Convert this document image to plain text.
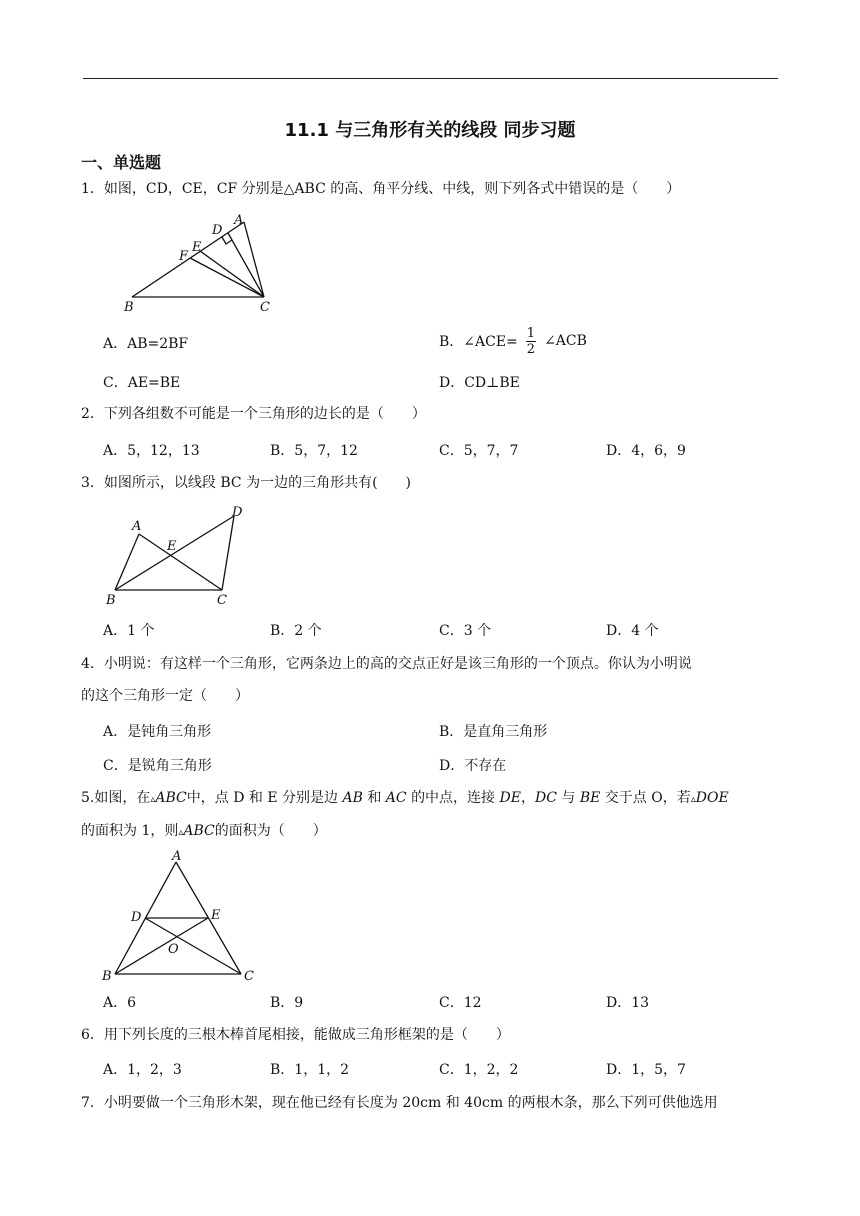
11.1 与三角形有关的线段 同步习题
一、单选题
1．如图，CD，CE，CF 分别是△ABC 的高、角平分线、中线，则下列各式中错误的是（　　）
A
B	C
D
E
F
A．AB=2BF	B．∠ACE= $\frac{1}{2}$ ∠ACB
C．AE=BE	D．CD⊥BE
2．下列各组数不可能是一个三角形的边长的是（　　）
A．5，12，13	B．5，7，12	C．5，7，7	D．4，6，9
3．如图所示，以线段 BC 为一边的三角形共有(　　)
A
B	C
D
E
A．1 个	B．2 个	C．3 个	D．4 个
4．小明说：有这样一个三角形，它两条边上的高的交点正好是该三角形的一个顶点。你认为小明说
的这个三角形一定（　　）
A．是钝角三角形	B．是直角三角形
C．是锐角三角形	D．不存在
5.如图，在▵ABC中，点 D 和 E 分别是边 AB 和 AC 的中点，连接 DE，DC 与 BE 交于点 O，若▵DOE
的面积为 1，则▵ABC的面积为（　　）
A
B	C
D	E
O
A．6	B．9	C．12	D．13
6．用下列长度的三根木棒首尾相接，能做成三角形框架的是（　　）
A．1，2，3	B．1，1，2	C．1，2，2	D．1，5，7
7．小明要做一个三角形木架，现在他已经有长度为 20cm 和 40cm 的两根木条，那么下列可供他选用
